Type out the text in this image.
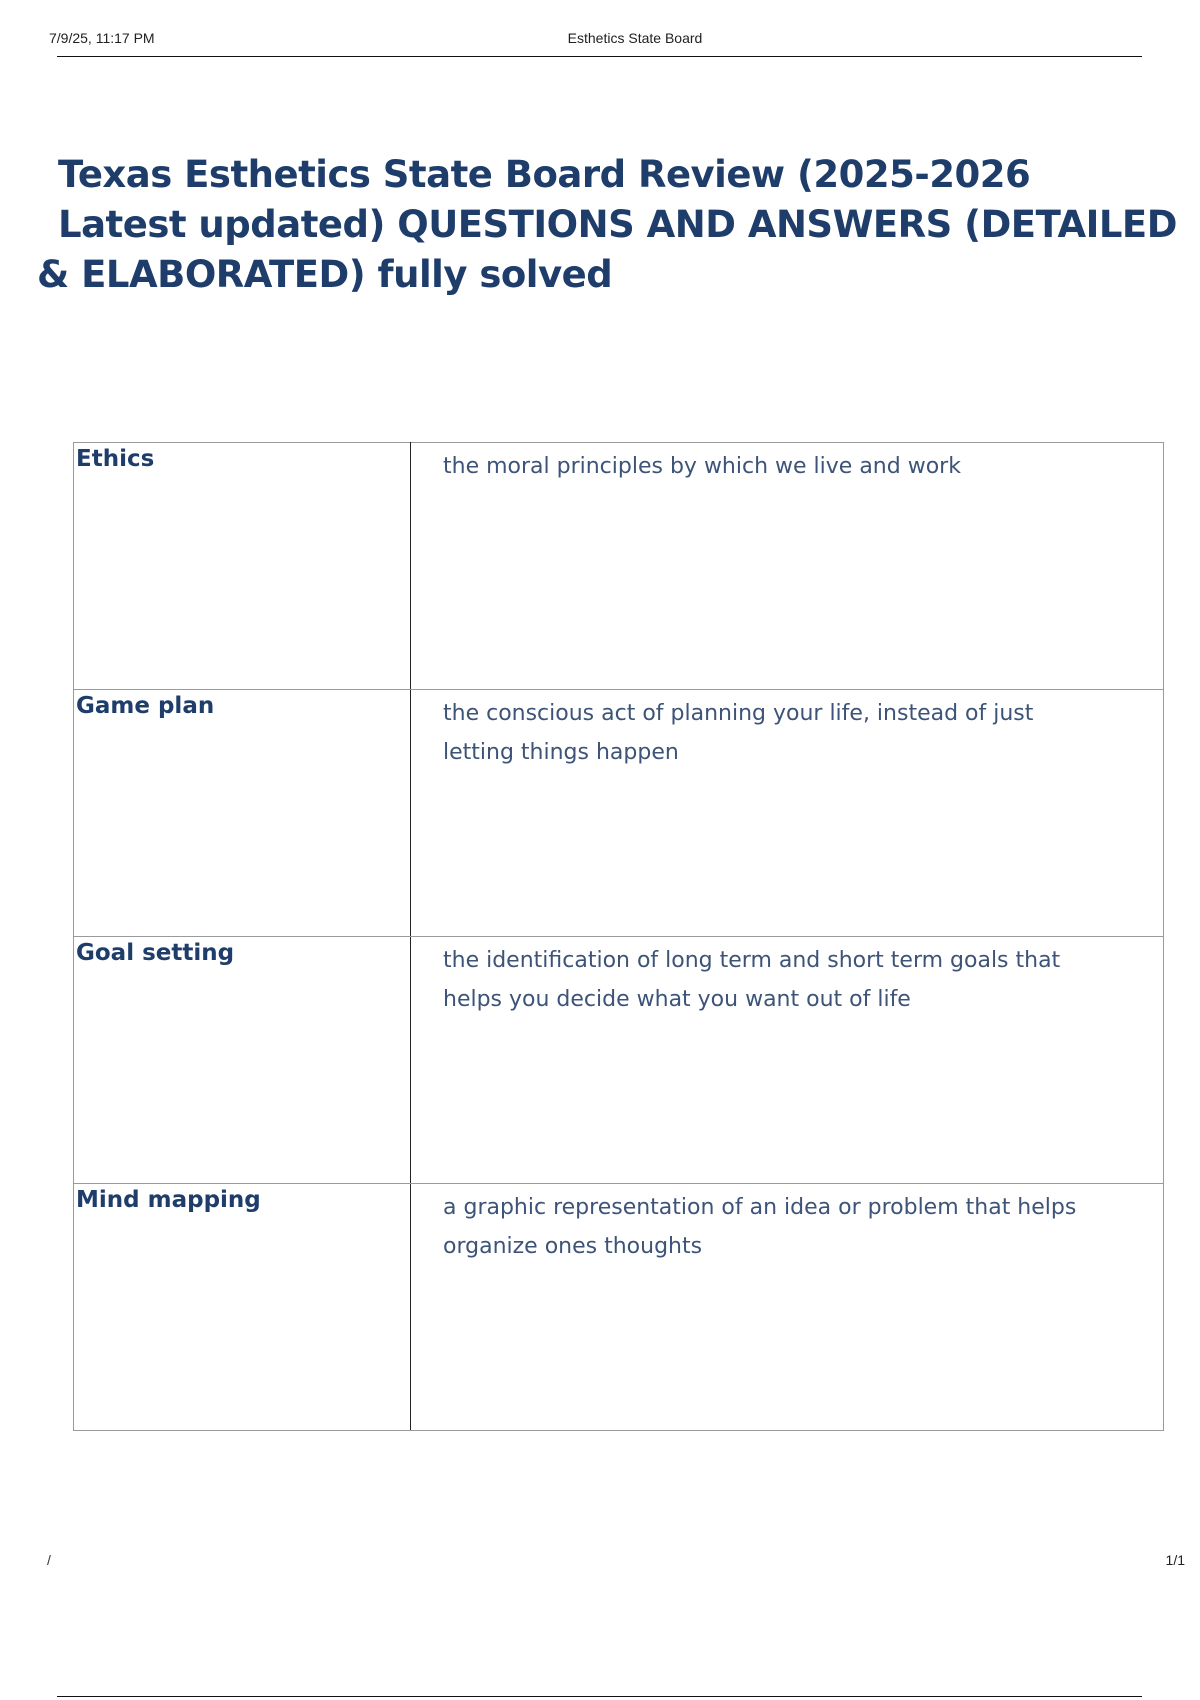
7/9/25, 11:17 PM	Esthetics State Board
Texas Esthetics State Board Review (2025-2026
Latest updated) QUESTIONS AND ANSWERS (DETAILED
& ELABORATED) fully solved
Ethics	the moral principles by which we live and work

Game plan	the conscious act of planning your life, instead of just letting things happen

Goal setting	the identification of long term and short term goals that helps you decide what you want out of life

Mind mapping	a graphic representation of an idea or problem that helps organize ones thoughts
/	1/1
